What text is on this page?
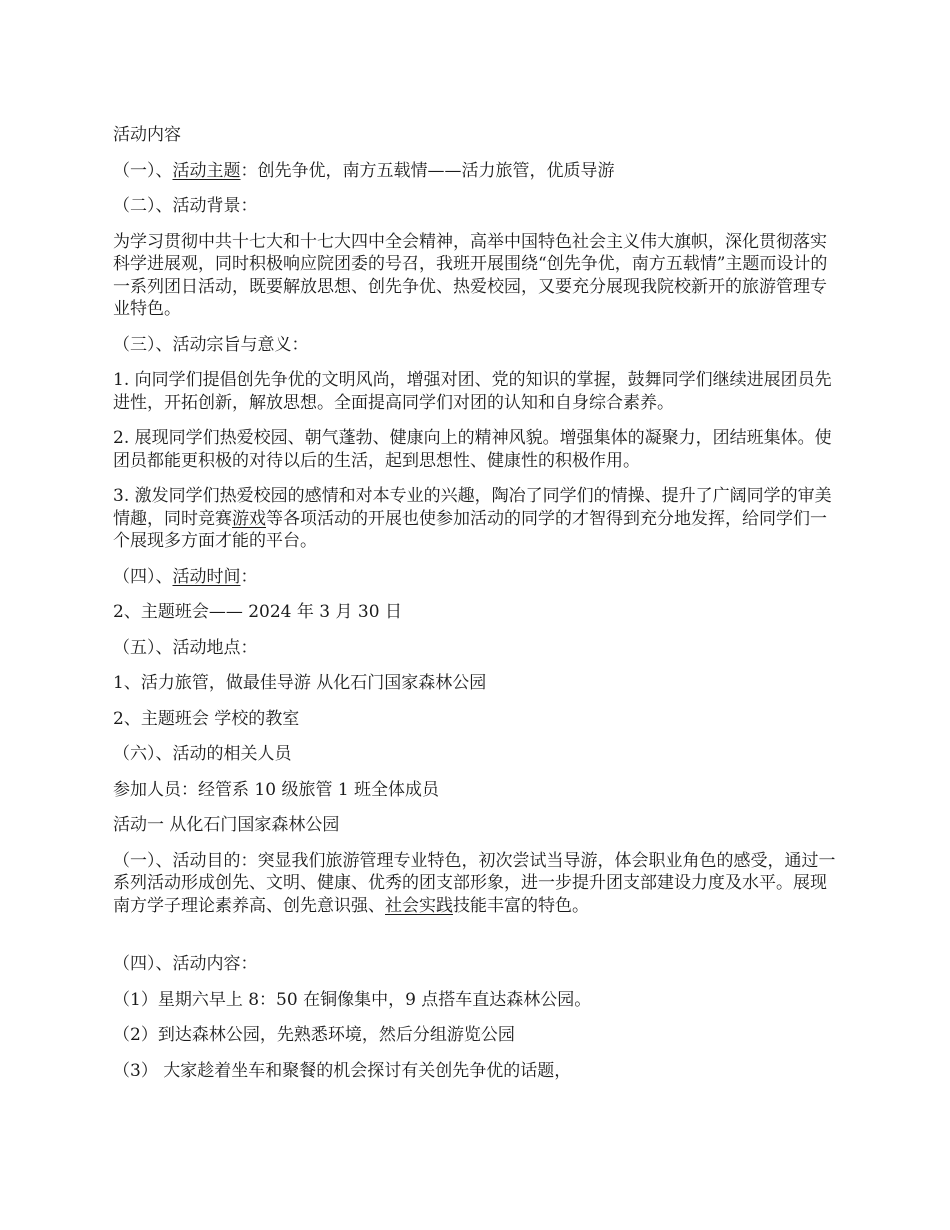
活动内容

（一）、活动主题：创先争优，南方五载情——活力旅管，优质导游

（二）、活动背景：

为学习贯彻中共十七大和十七大四中全会精神，高举中国特色社会主义伟大旗帜，深化贯彻落实科学进展观，同时积极响应院团委的号召，我班开展围绕“创先争优，南方五载情”主题而设计的一系列团日活动，既要解放思想、创先争优、热爱校园，又要充分展现我院校新开的旅游管理专业特色。

（三）、活动宗旨与意义：

1. 向同学们提倡创先争优的文明风尚，增强对团、党的知识的掌握，鼓舞同学们继续进展团员先进性，开拓创新，解放思想。全面提高同学们对团的认知和自身综合素养。

2. 展现同学们热爱校园、朝气蓬勃、健康向上的精神风貌。增强集体的凝聚力，团结班集体。使团员都能更积极的对待以后的生活，起到思想性、健康性的积极作用。

3. 激发同学们热爱校园的感情和对本专业的兴趣，陶冶了同学们的情操、提升了广阔同学的审美情趣，同时竞赛游戏等各项活动的开展也使参加活动的同学的才智得到充分地发挥，给同学们一个展现多方面才能的平台。

（四）、活动时间：

2、主题班会—— 2024 年 3 月 30 日

（五）、活动地点：

1、活力旅管，做最佳导游 从化石门国家森林公园

2、主题班会 学校的教室

（六）、活动的相关人员

参加人员：经管系 10 级旅管 1 班全体成员

活动一 从化石门国家森林公园

（一）、活动目的：突显我们旅游管理专业特色，初次尝试当导游，体会职业角色的感受，通过一系列活动形成创先、文明、健康、优秀的团支部形象，进一步提升团支部建设力度及水平。展现南方学子理论素养高、创先意识强、社会实践技能丰富的特色。

（四）、活动内容：

（1）星期六早上 8：50 在铜像集中，9 点搭车直达森林公园。

（2）到达森林公园，先熟悉环境，然后分组游览公园

（3） 大家趁着坐车和聚餐的机会探讨有关创先争优的话题，
